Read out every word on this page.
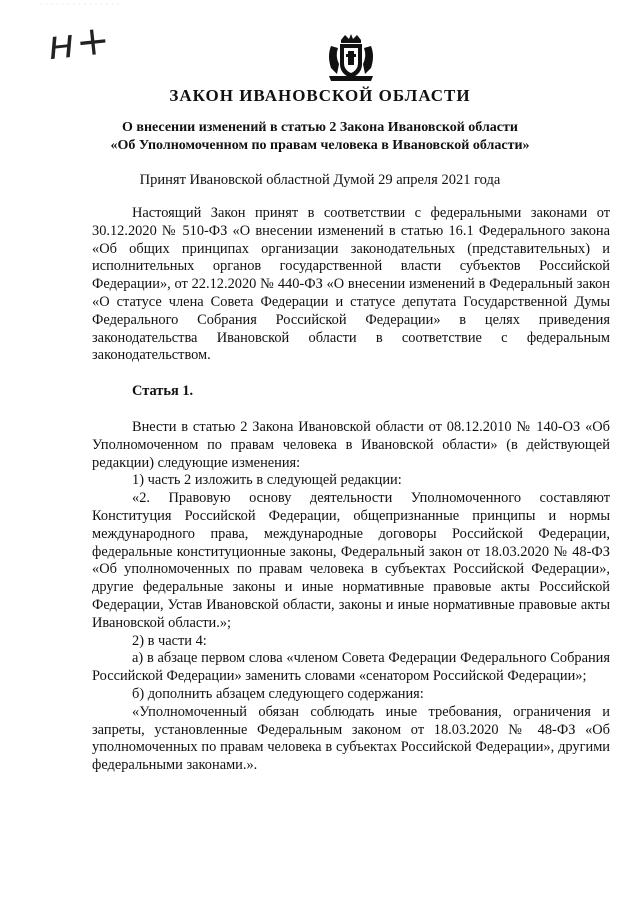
· · · · · · · · · · · · · · ·
н+
ЗАКОН ИВАНОВСКОЙ ОБЛАСТИ
О внесении изменений в статью 2 Закона Ивановской области
«Об Уполномоченном по правам человека в Ивановской области»
Принят Ивановской областной Думой 29 апреля 2021 года

Настоящий Закон принят в соответствии с федеральными законами от 30.12.2020 № 510-ФЗ «О внесении изменений в статью 16.1 Федерального закона «Об общих принципах организации законодательных (представительных) и исполнительных органов государственной власти субъектов Российской Федерации», от 22.12.2020 № 440-ФЗ «О внесении изменений в Федеральный закон «О статусе члена Совета Федерации и статусе депутата Государственной Думы Федерального Собрания Российской Федерации» в целях приведения законодательства Ивановской области в соответствие с федеральным законодательством.

Статья 1.

Внести в статью 2 Закона Ивановской области от 08.12.2010 № 140-ОЗ «Об Уполномоченном по правам человека в Ивановской области» (в действующей редакции) следующие изменения:

1) часть 2 изложить в следующей редакции:

«2. Правовую основу деятельности Уполномоченного составляют Конституция Российской Федерации, общепризнанные принципы и нормы международного права, международные договоры Российской Федерации, федеральные конституционные законы, Федеральный закон от 18.03.2020 № 48-ФЗ «Об уполномоченных по правам человека в субъектах Российской Федерации», другие федеральные законы и иные нормативные правовые акты Российской Федерации, Устав Ивановской области, законы и иные нормативные правовые акты Ивановской области.»;

2) в части 4:

а) в абзаце первом слова «членом Совета Федерации Федерального Собрания Российской Федерации» заменить словами «сенатором Российской Федерации»;

б) дополнить абзацем следующего содержания:

«Уполномоченный обязан соблюдать иные требования, ограничения и запреты, установленные Федеральным законом от 18.03.2020 № 48-ФЗ «Об уполномоченных по правам человека в субъектах Российской Федерации», другими федеральными законами.».
